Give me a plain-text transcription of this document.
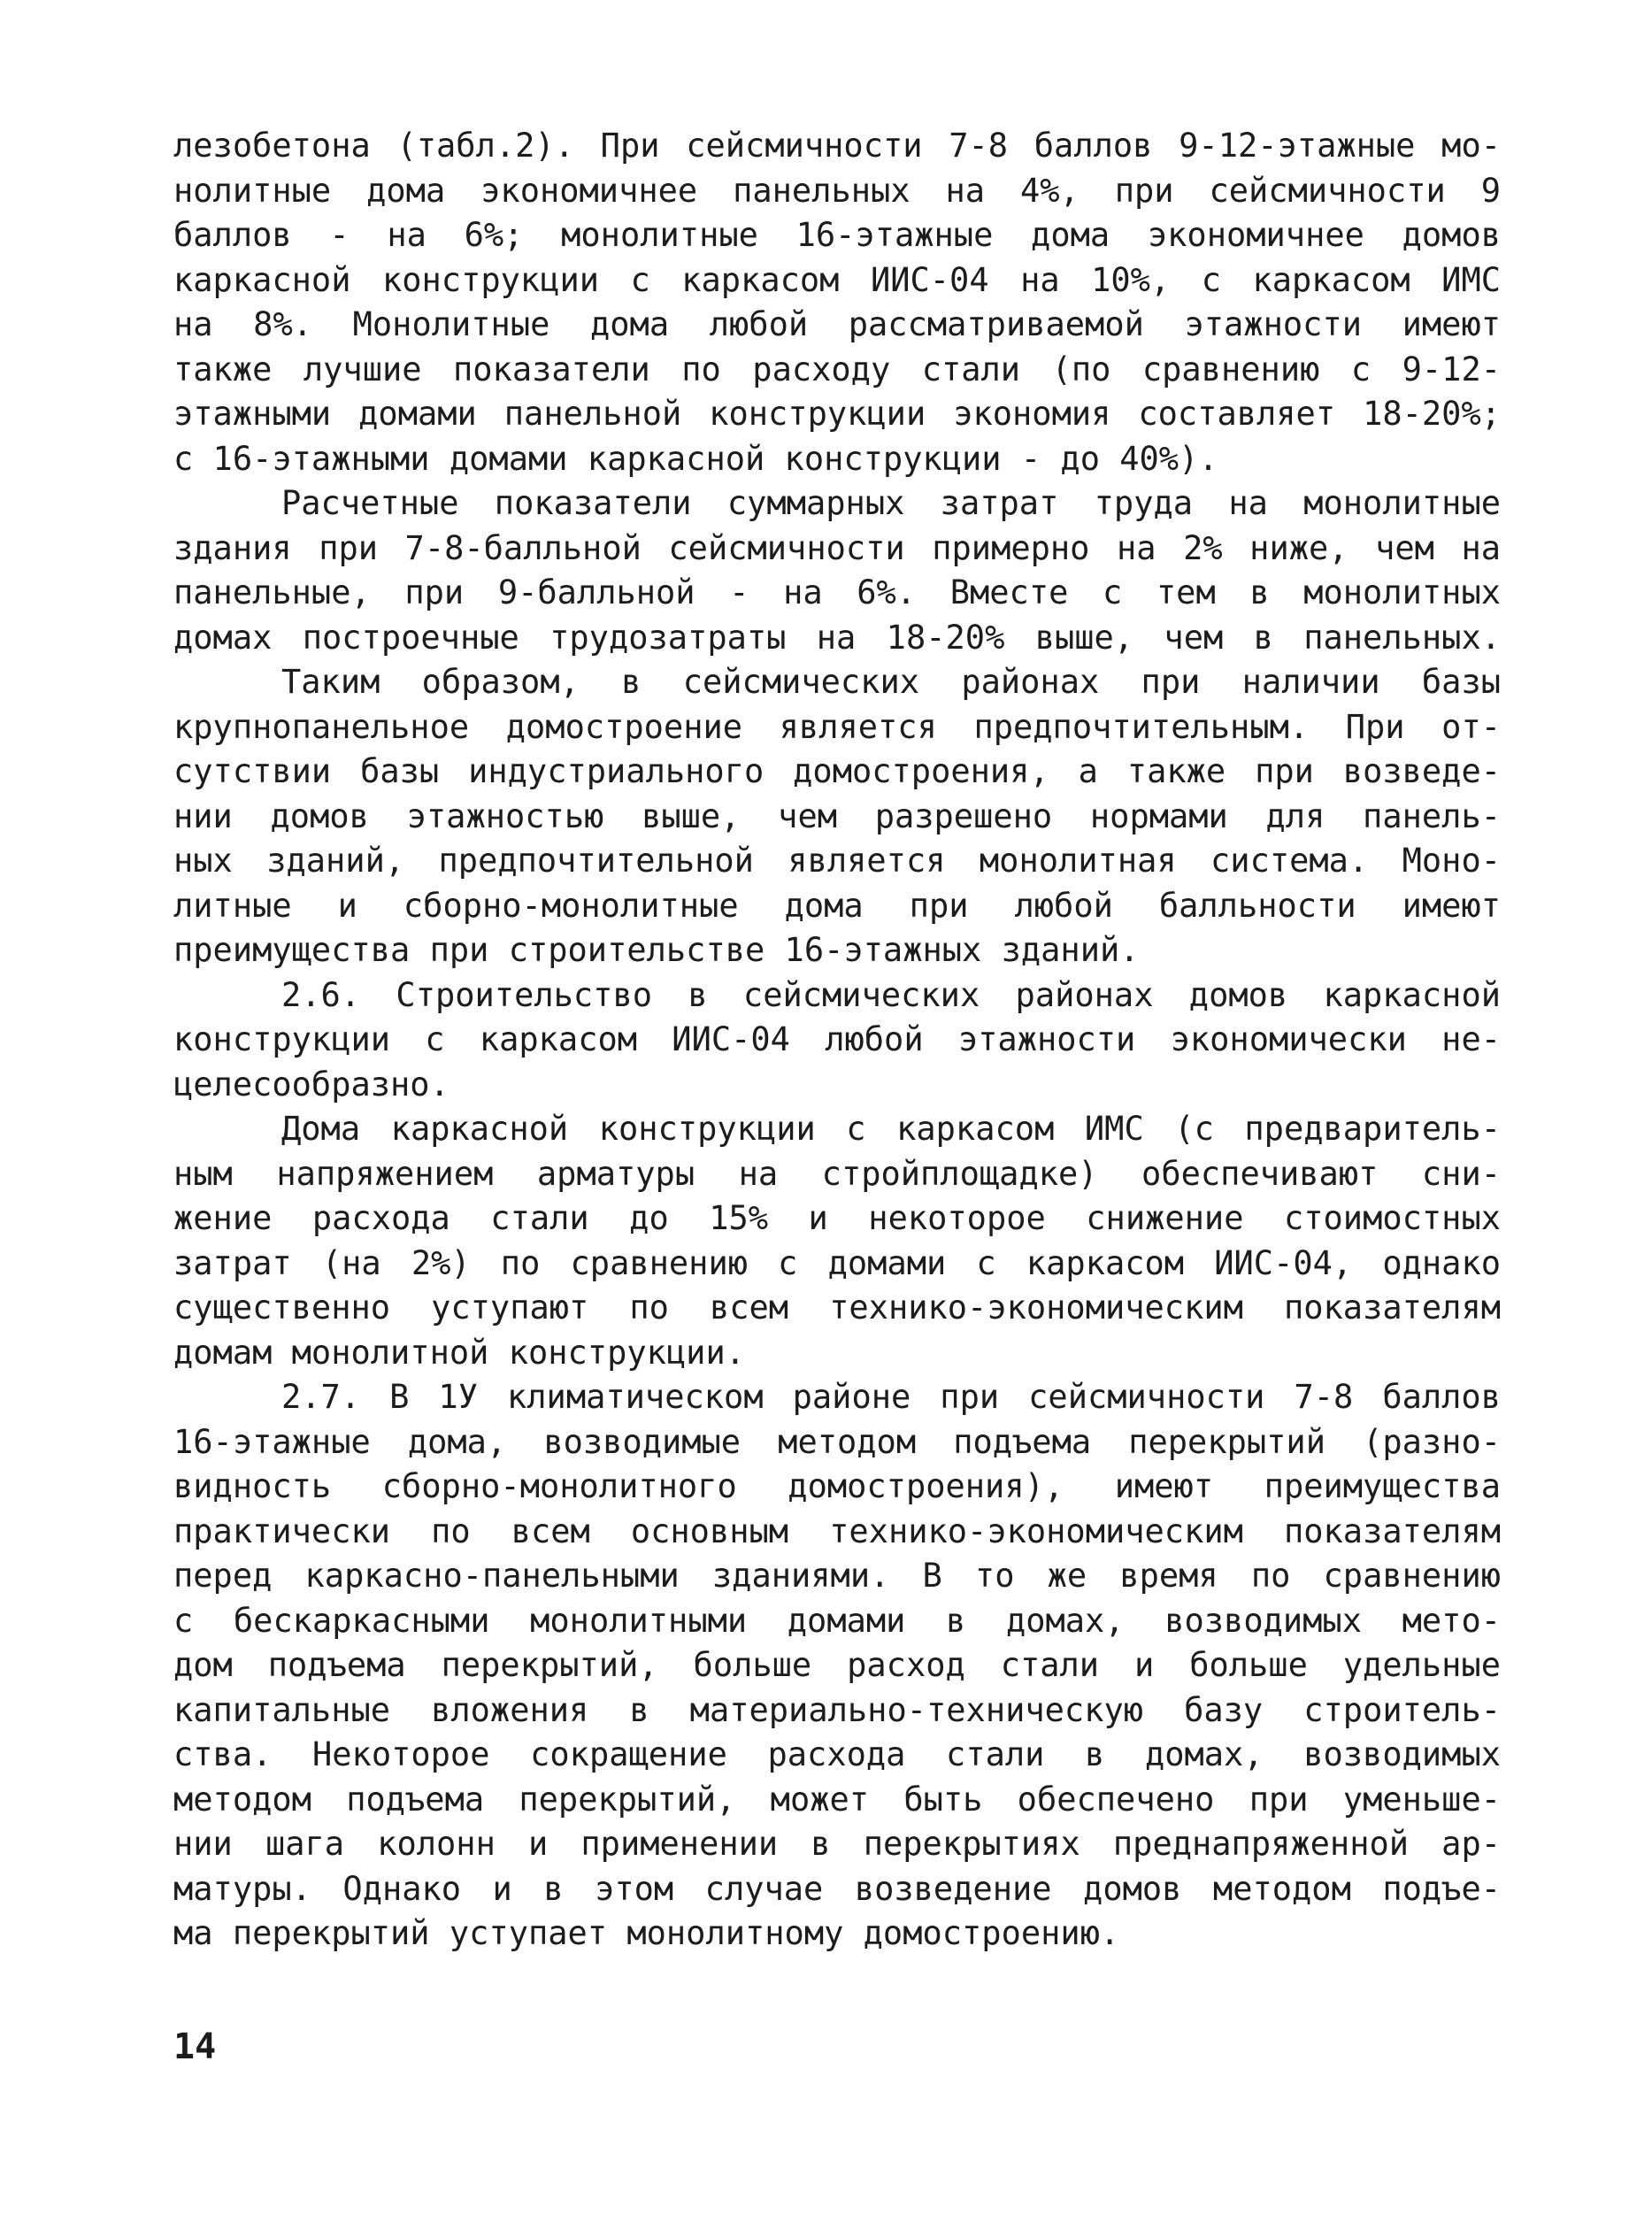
лезобетона (табл.2). При сейсмичности 7-8 баллов 9-12-этажные мо-
нолитные дома экономичнее панельных на 4%, при сейсмичности 9
баллов - на 6%; монолитные 16-этажные дома экономичнее домов
каркасной конструкции с каркасом ИИС-04 на 10%, с каркасом ИМС
на 8%. Монолитные дома любой рассматриваемой этажности имеют
также лучшие показатели по расходу стали (по сравнению с 9-12-
этажными домами панельной конструкции экономия составляет 18-20%;
с 16-этажными домами каркасной конструкции - до 40%).
Расчетные показатели суммарных затрат труда на монолитные
здания при 7-8-балльной сейсмичности примерно на 2% ниже, чем на
панельные, при 9-балльной - на 6%. Вместе с тем в монолитных
домах построечные трудозатраты на 18-20% выше, чем в панельных.
Таким образом, в сейсмических районах при наличии базы
крупнопанельное домостроение является предпочтительным. При от-
сутствии базы индустриального домостроения, а также при возведе-
нии домов этажностью выше, чем разрешено нормами для панель-
ных зданий, предпочтительной является монолитная система. Моно-
литные и сборно-монолитные дома при любой балльности имеют
преимущества при строительстве 16-этажных зданий.
2.6. Строительство в сейсмических районах домов каркасной
конструкции с каркасом ИИС-04 любой этажности экономически не-
целесообразно.
Дома каркасной конструкции с каркасом ИМС (с предваритель-
ным напряжением арматуры на стройплощадке) обеспечивают сни-
жение расхода стали до 15% и некоторое снижение стоимостных
затрат (на 2%) по сравнению с домами с каркасом ИИС-04, однако
существенно уступают по всем технико-экономическим показателям
домам монолитной конструкции.
2.7. В 1У климатическом районе при сейсмичности 7-8 баллов
16-этажные дома, возводимые методом подъема перекрытий (разно-
видность сборно-монолитного домостроения), имеют преимущества
практически по всем основным технико-экономическим показателям
перед каркасно-панельными зданиями. В то же время по сравнению
с бескаркасными монолитными домами в домах, возводимых мето-
дом подъема перекрытий, больше расход стали и больше удельные
капитальные вложения в материально-техническую базу строитель-
ства. Некоторое сокращение расхода стали в домах, возводимых
методом подъема перекрытий, может быть обеспечено при уменьше-
нии шага колонн и применении в перекрытиях преднапряженной ар-
матуры. Однако и в этом случае возведение домов методом подъе-
ма перекрытий уступает монолитному домостроению.
14
